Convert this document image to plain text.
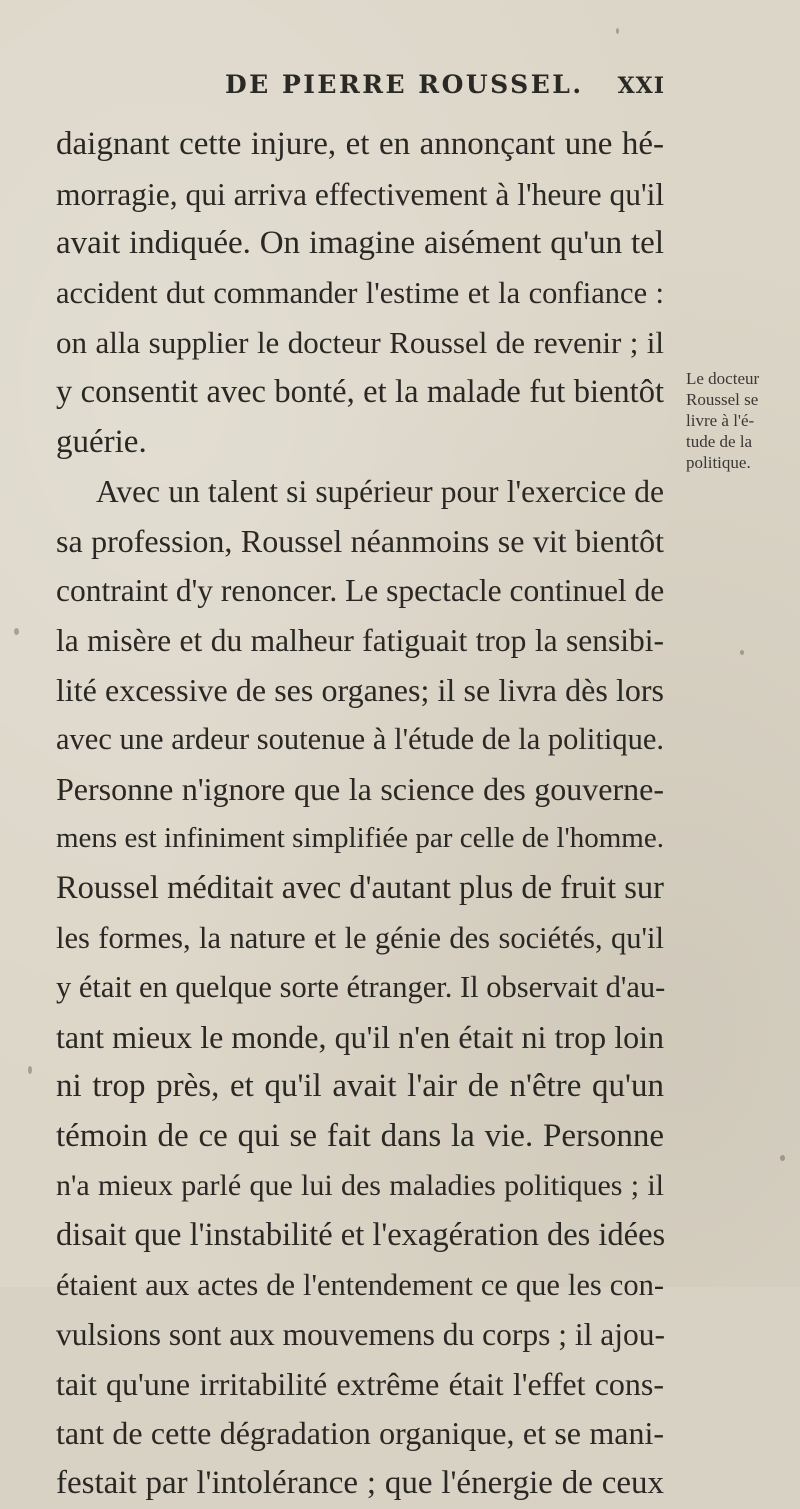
DE PIERRE ROUSSEL. XXI
daignant cette injure, et en annonçant une hé-
morragie, qui arriva effectivement à l'heure qu'il
avait indiquée. On imagine aisément qu'un tel
accident dut commander l'estime et la confiance :
on alla supplier le docteur Roussel de revenir ; il
y consentit avec bonté, et la malade fut bientôt
guérie.
Avec un talent si supérieur pour l'exercice de
sa profession, Roussel néanmoins se vit bientôt
contraint d'y renoncer. Le spectacle continuel de
la misère et du malheur fatiguait trop la sensibi-
lité excessive de ses organes; il se livra dès lors
avec une ardeur soutenue à l'étude de la politique.
Personne n'ignore que la science des gouverne-
mens est infiniment simplifiée par celle de l'homme.
Roussel méditait avec d'autant plus de fruit sur
les formes, la nature et le génie des sociétés, qu'il
y était en quelque sorte étranger. Il observait d'au-
tant mieux le monde, qu'il n'en était ni trop loin
ni trop près, et qu'il avait l'air de n'être qu'un
témoin de ce qui se fait dans la vie. Personne
n'a mieux parlé que lui des maladies politiques ; il
disait que l'instabilité et l'exagération des idées
étaient aux actes de l'entendement ce que les con-
vulsions sont aux mouvemens du corps ; il ajou-
tait qu'une irritabilité extrême était l'effet cons-
tant de cette dégradation organique, et se mani-
festait par l'intolérance ; que l'énergie de ceux
Le docteur
Roussel se
livre à l'é-
tude de la
politique.
